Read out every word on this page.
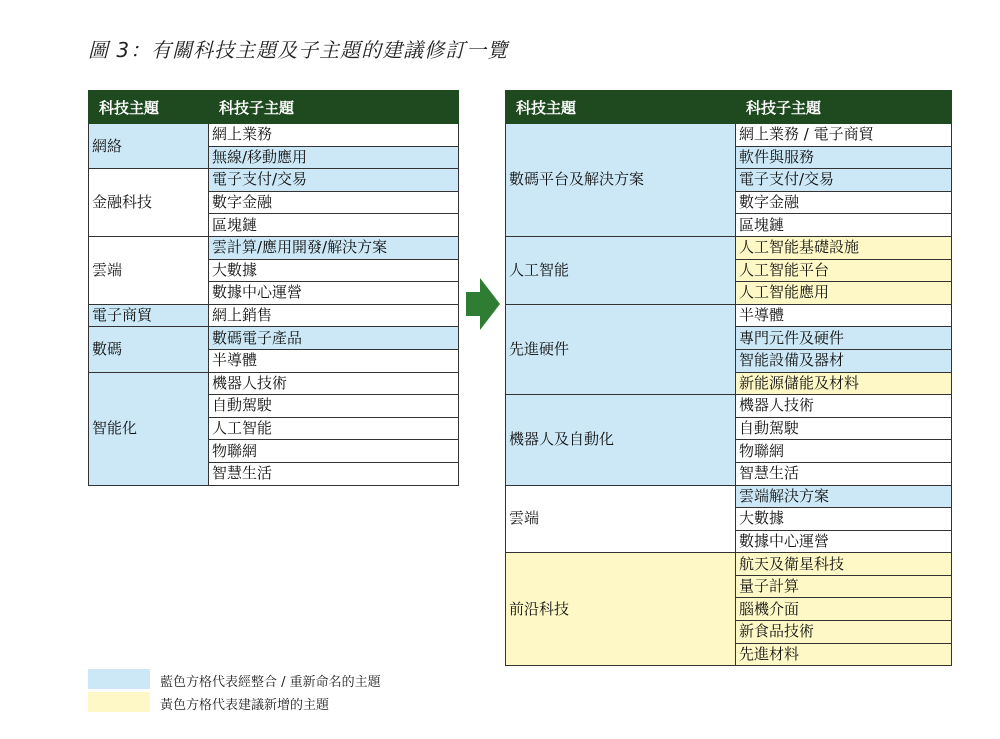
圖 3：有關科技主題及子主題的建議修訂一覽
科技主題	科技子主題
網絡	網上業務
	無線/移動應用
金融科技	電子支付/交易
	數字金融
	區塊鏈
雲端	雲計算/應用開發/解決方案
	大數據
	數據中心運營
電子商貿	網上銷售
數碼	數碼電子產品
	半導體
智能化	機器人技術
	自動駕駛
	人工智能
	物聯網
	智慧生活
科技主題	科技子主題
數碼平台及解決方案	網上業務 / 電子商貿
	軟件與服務
	電子支付/交易
	數字金融
	區塊鏈
人工智能	人工智能基礎設施
	人工智能平台
	人工智能應用
先進硬件	半導體
	專門元件及硬件
	智能設備及器材
	新能源儲能及材料
機器人及自動化	機器人技術
	自動駕駛
	物聯網
	智慧生活
雲端	雲端解決方案
	大數據
	數據中心運營
前沿科技	航天及衛星科技
	量子計算
	腦機介面
	新食品技術
	先進材料
藍色方格代表經整合 / 重新命名的主題
黃色方格代表建議新增的主題
